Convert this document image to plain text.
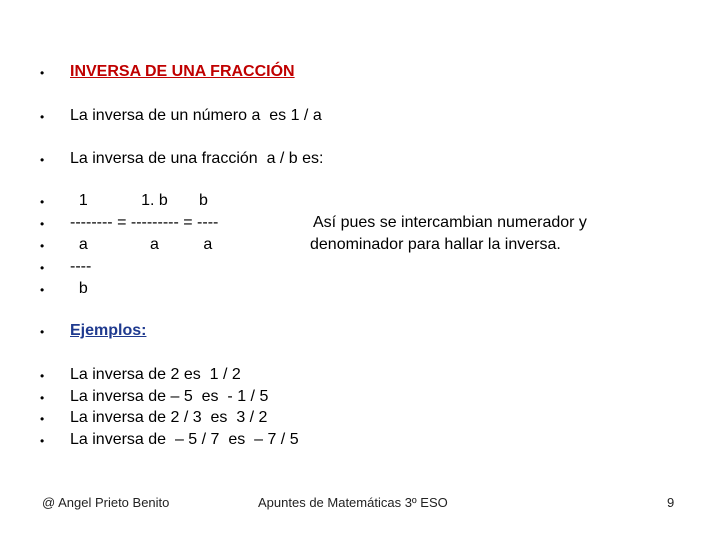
•	INVERSA DE UNA FRACCIÓN
•	La inversa de un número a  es 1 / a
•	La inversa de una fracción  a / b es:
•	1            1. b       b
•	-------- = --------- = ----
•	a              a          a
•	----
•	b
Así pues se intercambian numerador y
denominador para hallar la inversa.
•	Ejemplos:
•	La inversa de 2 es  1 / 2
•	La inversa de – 5  es  - 1 / 5
•	La inversa de 2 / 3  es  3 / 2
•	La inversa de  – 5 / 7  es  – 7 / 5
@ Angel Prieto Benito	Apuntes de Matemáticas 3º ESO	9
